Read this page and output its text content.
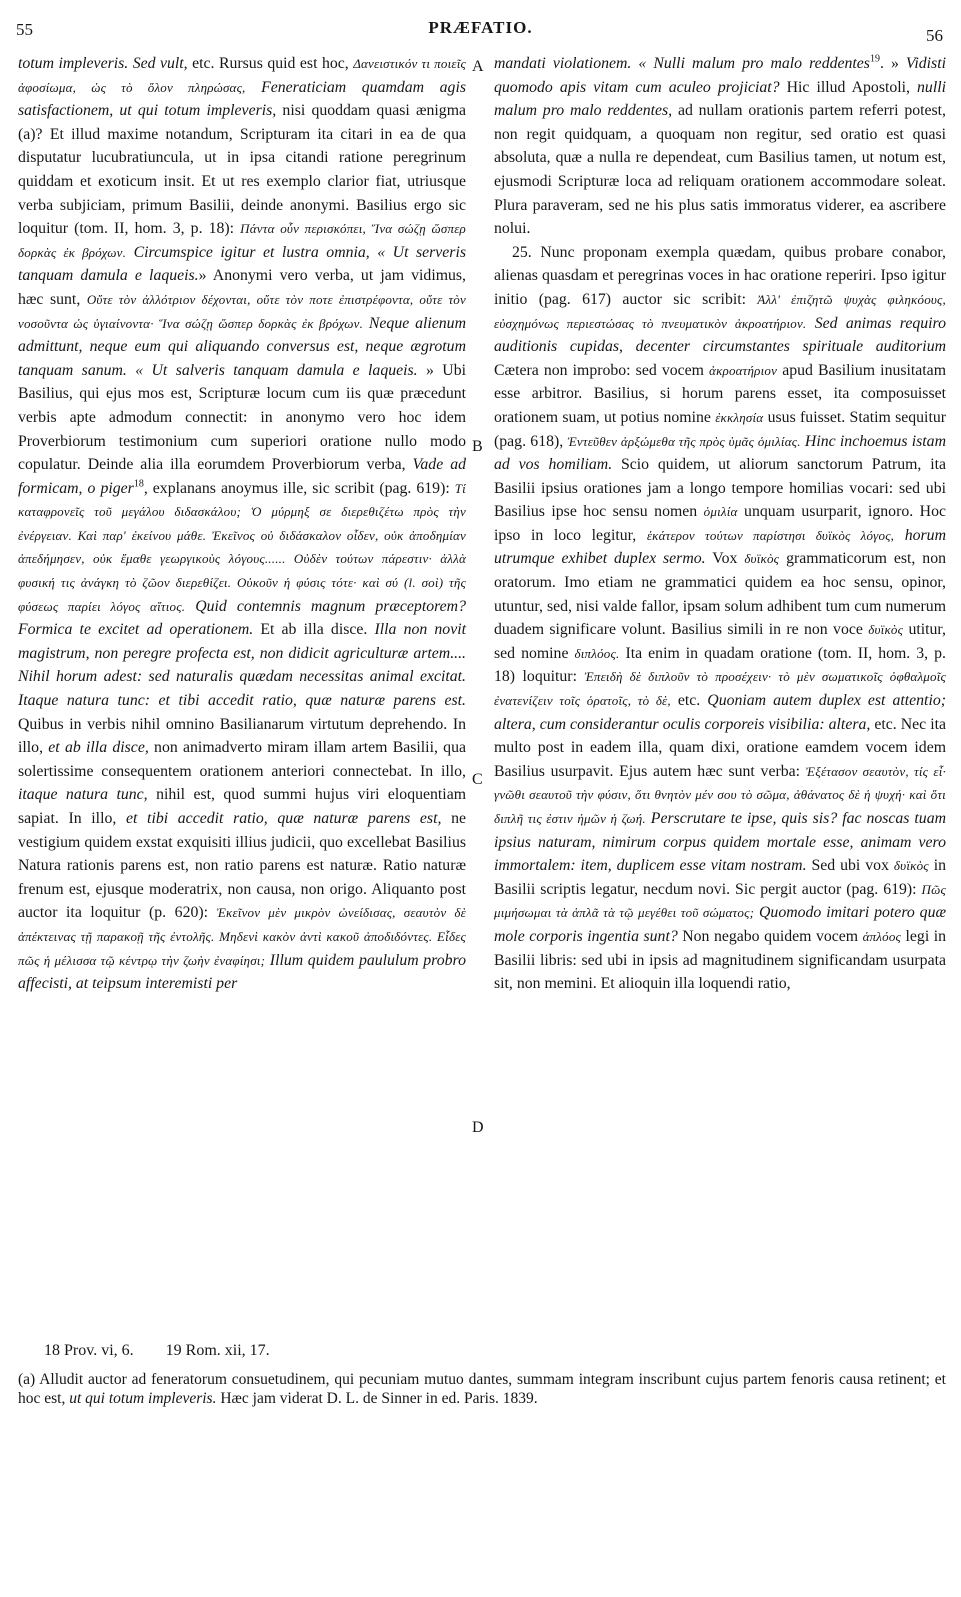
55	PRÆFATIO.	56

totum impleveris. Sed vult, etc. Rursus quid est hoc, Δανειστικόν τι ποιεῖς ἀφοσίωμα, ὡς τὸ ὅλον πληρώσας, Feneraticiam quamdam agis satisfactionem, ut qui totum impleveris, nisi quoddam quasi ænigma (a)? Et illud maxime notandum, Scripturam ita citari in ea de qua disputatur lucubratiuncula, ut in ipsa citandi ratione peregrinum quiddam et exoticum insit. Et ut res exemplo clarior fiat, utriusque verba subjiciam, primum Basilii, deinde anonymi. Basilius ergo sic loquitur (tom. II, hom. 3, p. 18): Πάντα οὖν περισκόπει, Ἵνα σώζῃ ὥσπερ δορκὰς ἐκ βρόχων. Circumspice igitur et lustra omnia, « Ut serveris tanquam damula e laqueis.» Anonymi vero verba, ut jam vidimus, hæc sunt, Οὔτε τὸν ἀλλότριον δέχονται, οὔτε τὸν ποτε ἐπιστρέφοντα, οὔτε τὸν νοσοῦντα ὡς ὑγιαίνοντα· Ἵνα σώζῃ ὥσπερ δορκὰς ἐκ βρόχων. Neque alienum admittunt, neque eum qui aliquando conversus est, neque ægrotum tanquam sanum. « Ut salveris tanquam damula e laqueis. » Ubi Basilius, qui ejus mos est, Scripturæ locum cum iis quæ præcedunt verbis apte admodum connectit: in anonymo vero hoc idem Proverbiorum testimonium cum superiori oratione nullo modo copulatur. Deinde alia illa eorumdem Proverbiorum verba, Vade ad formicam, o piger$^{18}$, explanans anoymus ille, sic scribit (pag. 619): Τί καταφρονεῖς τοῦ μεγάλου διδασκάλου; Ὁ μύρμηξ σε διερεθιζέτω πρὸς τὴν ἐνέργειαν. Καὶ παρ' ἐκείνου μάθε. Ἐκεῖνος οὐ διδάσκαλον οἶδεν, οὐκ ἀποδημίαν ἀπεδήμησεν, οὐκ ἔμαθε γεωργικοὺς λόγους...... Οὐδὲν τούτων πάρεστιν· ἀλλὰ φυσική τις ἀνάγκη τὸ ζῶον διερεθίζει. Οὐκοῦν ἡ φύσις τότε· καὶ σύ (l. σοὶ) τῆς φύσεως παρίει λόγος αἴτιος. Quid contemnis magnum præceptorem? Formica te excitet ad operationem. Et ab illa disce. Illa non novit magistrum, non peregre profecta est, non didicit agriculturæ artem.... Nihil horum adest: sed naturalis quædam necessitas animal excitat. Itaque natura tunc: et tibi accedit ratio, quæ naturæ parens est. Quibus in verbis nihil omnino Basilianarum virtutum deprehendo. In illo, et ab illa disce, non animadverto miram illam artem Basilii, qua solertissime consequentem orationem anteriori connectebat. In illo, itaque natura tunc, nihil est, quod summi hujus viri eloquentiam sapiat. In illo, et tibi accedit ratio, quæ naturæ parens est, ne vestigium quidem exstat exquisiti illius judicii, quo excellebat Basilius Natura rationis parens est, non ratio parens est naturæ. Ratio naturæ frenum est, ejusque moderatrix, non causa, non origo. Aliquanto post auctor ita loquitur (p. 620): Ἐκεῖνον μὲν μικρὸν ὠνείδισας, σεαυτὸν δὲ ἀπέκτεινας τῇ παρακοῇ τῆς ἐντολῆς. Μηδενὶ κακὸν ἀντὶ κακοῦ ἀποδιδόντες. Εἶδες πῶς ἡ μέλισσα τῷ κέντρῳ τὴν ζωὴν ἐναφίησι; Illum quidem paululum probro affecisti, at teipsum interemisti per

A
B
C
D

mandati violationem. « Nulli malum pro malo reddentes$^{19}$. » Vidisti quomodo apis vitam cum aculeo projiciat? Hic illud Apostoli, nulli malum pro malo reddentes, ad nullam orationis partem referri potest, non regit quidquam, a quoquam non regitur, sed oratio est quasi absoluta, quæ a nulla re dependeat, cum Basilius tamen, ut notum est, ejusmodi Scripturæ loca ad reliquam orationem accommodare soleat. Plura paraveram, sed ne his plus satis immoratus viderer, ea ascribere nolui.

25. Nunc proponam exempla quædam, quibus probare conabor, alienas quasdam et peregrinas voces in hac oratione reperiri. Ipso igitur initio (pag. 617) auctor sic scribit: Ἀλλ' ἐπιζητῶ ψυχὰς φιληκόους, εὐσχημόνως περιεστώσας τὸ πνευματικὸν ἀκροατήριον. Sed animas requiro auditionis cupidas, decenter circumstantes spirituale auditorium Cætera non improbo: sed vocem ἀκροατήριον apud Basilium inusitatam esse arbitror. Basilius, si horum parens esset, ita composuisset orationem suam, ut potius nomine ἐκκλησία usus fuisset. Statim sequitur (pag. 618), Ἐντεῦθεν ἀρξώμεθα τῆς πρὸς ὑμᾶς ὁμιλίας. Hinc inchoemus istam ad vos homiliam. Scio quidem, ut aliorum sanctorum Patrum, ita Basilii ipsius orationes jam a longo tempore homilias vocari: sed ubi Basilius ipse hoc sensu nomen ὁμιλία unquam usurparit, ignoro. Hoc ipso in loco legitur, ἑκάτερον τούτων παρίστησι δυϊκὸς λόγος, horum utrumque exhibet duplex sermo. Vox δυϊκὸς grammaticorum est, non oratorum. Imo etiam ne grammatici quidem ea hoc sensu, opinor, utuntur, sed, nisi valde fallor, ipsam solum adhibent tum cum numerum duadem significare volunt. Basilius simili in re non voce δυϊκὸς utitur, sed nomine διπλόος. Ita enim in quadam oratione (tom. II, hom. 3, p. 18) loquitur: Ἐπειδὴ δὲ διπλοῦν τὸ προσέχειν· τὸ μὲν σωματικοῖς ὀφθαλμοῖς ἐνατενίζειν τοῖς ὁρατοῖς, τὸ δὲ, etc. Quoniam autem duplex est attentio; altera, cum considerantur oculis corporeis visibilia: altera, etc. Nec ita multo post in eadem illa, quam dixi, oratione eamdem vocem idem Basilius usurpavit. Ejus autem hæc sunt verba: Ἐξέτασον σεαυτὸν, τίς εἶ· γνῶθι σεαυτοῦ τὴν φύσιν, ὅτι θνητὸν μέν σου τὸ σῶμα, ἀθάνατος δὲ ἡ ψυχή· καὶ ὅτι διπλῆ τις ἐστιν ἡμῶν ἡ ζωή. Perscrutare te ipse, quis sis? fac noscas tuam ipsius naturam, nimirum corpus quidem mortale esse, animam vero immortalem: item, duplicem esse vitam nostram. Sed ubi vox δυϊκὸς in Basilii scriptis legatur, necdum novi. Sic pergit auctor (pag. 619): Πῶς μιμήσωμαι τὰ ἁπλᾶ τὰ τῷ μεγέθει τοῦ σώματος; Quomodo imitari potero quæ mole corporis ingentia sunt? Non negabo quidem vocem ἁπλόος legi in Basilii libris: sed ubi in ipsis ad magnitudinem significandam usurpata sit, non memini. Et alioquin illa loquendi ratio,

18 Prov. vi, 6. 19 Rom. xii, 17.
(a) Alludit auctor ad feneratorum consuetudinem, qui pecuniam mutuo dantes, summam integram inscribunt cujus partem fenoris causa retinent; et hoc est, ut qui totum impleveris. Hæc jam viderat D. L. de Sinner in ed. Paris. 1839.
